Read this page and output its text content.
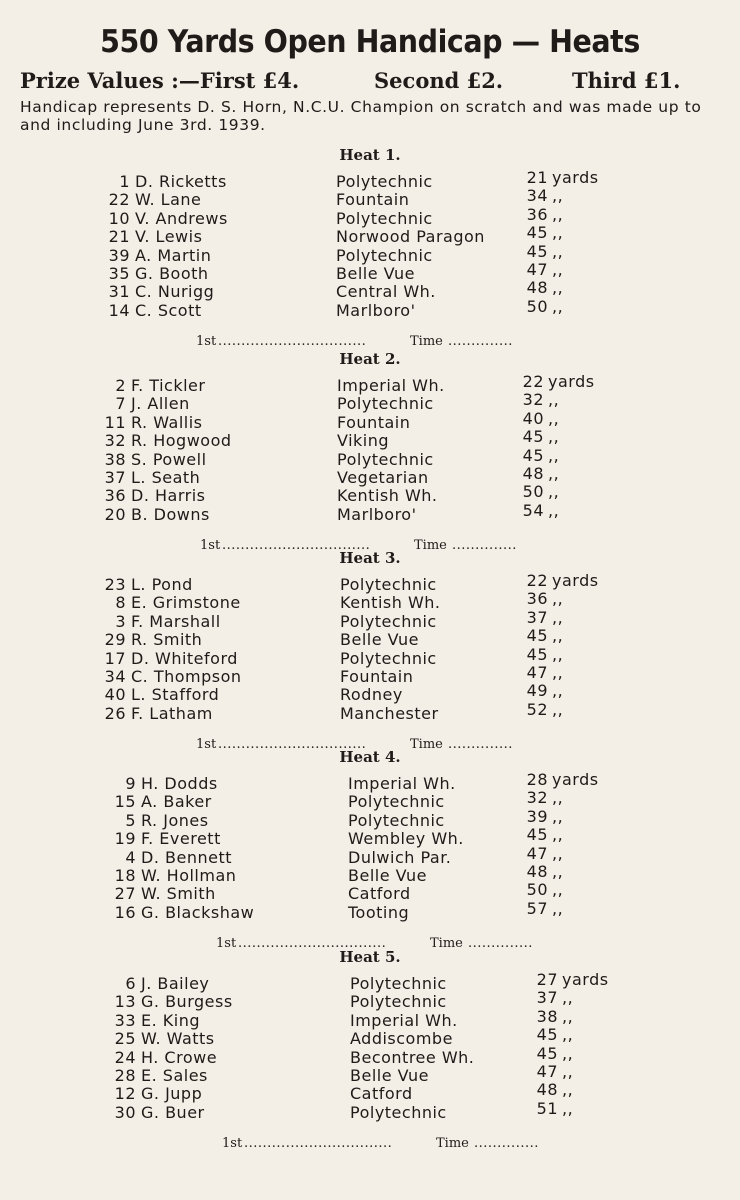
550 Yards Open Handicap — Heats
Prize Values :—First £4.	Second £2.	Third £1.
Handicap represents D. S. Horn, N.C.U. Champion on scratch and was made up to and including June 3rd. 1939.
Heat 1.
1 D. Ricketts	Polytechnic	21 yards
22 W. Lane	Fountain	34 ,,
10 V. Andrews	Polytechnic	36 ,,
21 V. Lewis	Norwood Paragon	45 ,,
39 A. Martin	Polytechnic	45 ,,
35 G. Booth	Belle Vue	47 ,,
31 C. Nurigg	Central Wh.	48 ,,
14 C. Scott	Marlboro'	50 ,,
1st ................................	Time ..............
Heat 2.
2 F. Tickler	Imperial Wh.	22 yards
7 J. Allen	Polytechnic	32 ,,
11 R. Wallis	Fountain	40 ,,
32 R. Hogwood	Viking	45 ,,
38 S. Powell	Polytechnic	45 ,,
37 L. Seath	Vegetarian	48 ,,
36 D. Harris	Kentish Wh.	50 ,,
20 B. Downs	Marlboro'	54 ,,
1st ................................	Time ..............
Heat 3.
23 L. Pond	Polytechnic	22 yards
8 E. Grimstone	Kentish Wh.	36 ,,
3 F. Marshall	Polytechnic	37 ,,
29 R. Smith	Belle Vue	45 ,,
17 D. Whiteford	Polytechnic	45 ,,
34 C. Thompson	Fountain	47 ,,
40 L. Stafford	Rodney	49 ,,
26 F. Latham	Manchester	52 ,,
1st ................................	Time ..............
Heat 4.
9 H. Dodds	Imperial Wh.	28 yards
15 A. Baker	Polytechnic	32 ,,
5 R. Jones	Polytechnic	39 ,,
19 F. Everett	Wembley Wh.	45 ,,
4 D. Bennett	Dulwich Par.	47 ,,
18 W. Hollman	Belle Vue	48 ,,
27 W. Smith	Catford	50 ,,
16 G. Blackshaw	Tooting	57 ,,
1st ................................	Time ..............
Heat 5.
6 J. Bailey	Polytechnic	27 yards
13 G. Burgess	Polytechnic	37 ,,
33 E. King	Imperial Wh.	38 ,,
25 W. Watts	Addiscombe	45 ,,
24 H. Crowe	Becontree Wh.	45 ,,
28 E. Sales	Belle Vue	47 ,,
12 G. Jupp	Catford	48 ,,
30 G. Buer	Polytechnic	51 ,,
1st ................................	Time ..............
